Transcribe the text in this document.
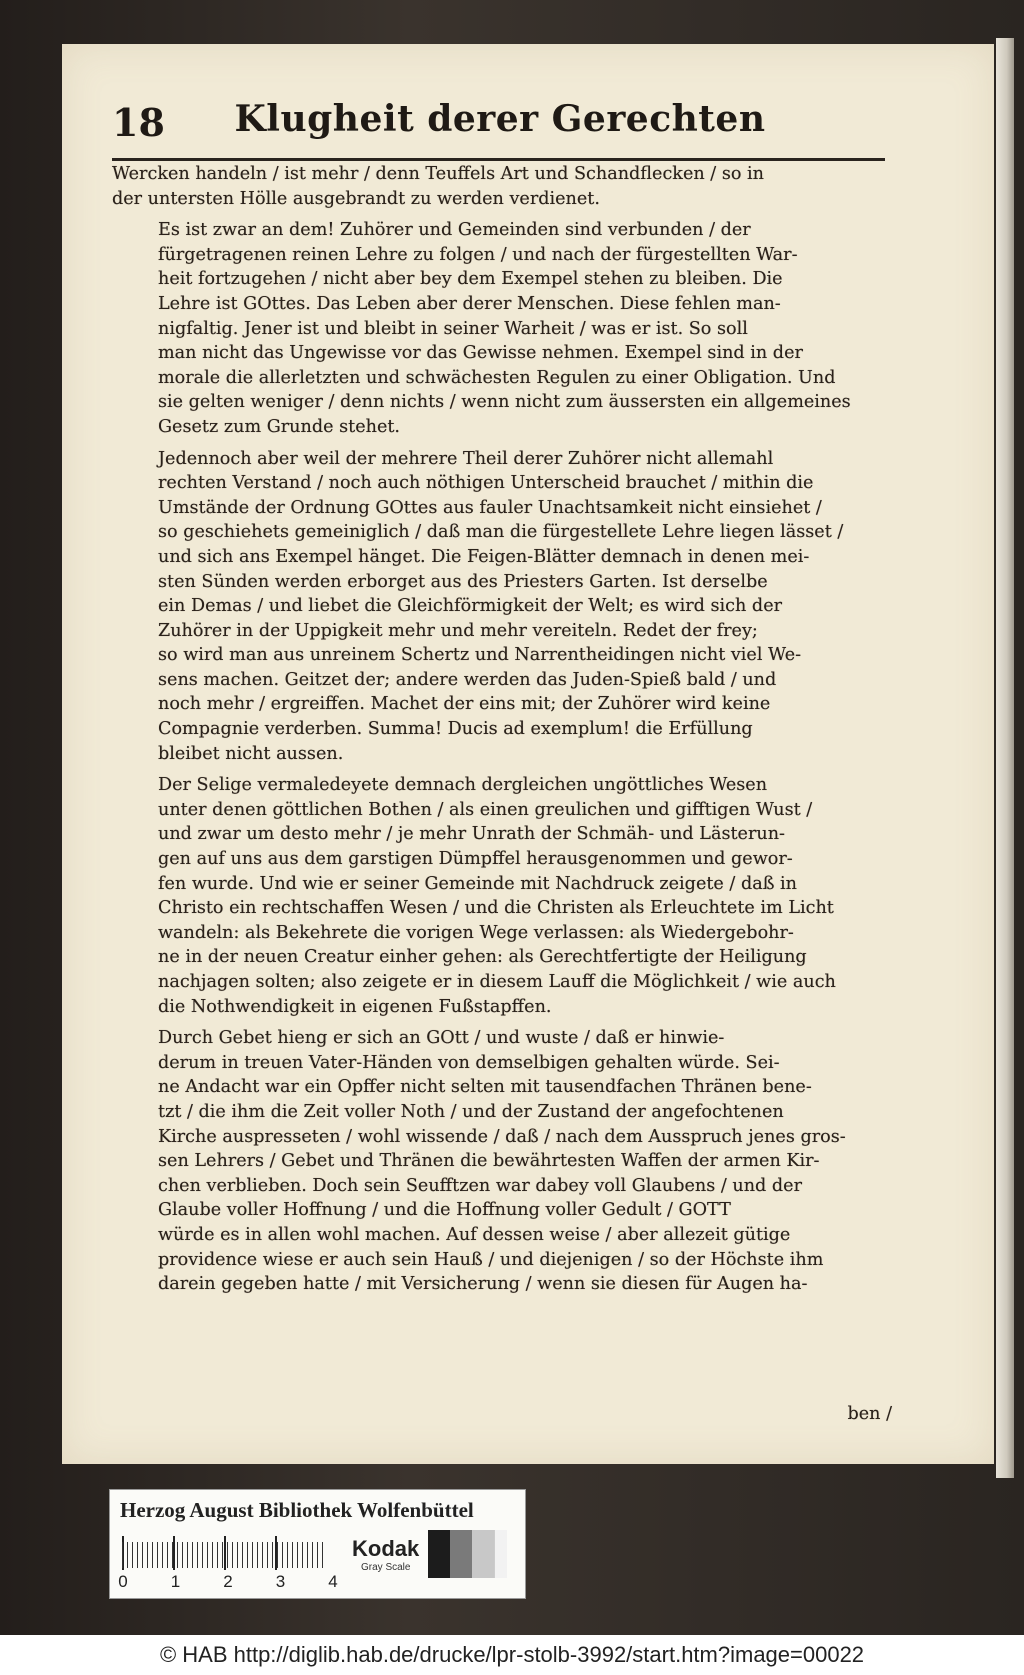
18	Klugheit derer Gerechten
Wercken handeln / ist mehr / denn Teuffels Art und Schandflecken / so in
der untersten Hölle ausgebrandt zu werden verdienet.
Es ist zwar an dem! Zuhörer und Gemeinden sind verbunden / der
fürgetragenen reinen Lehre zu folgen / und nach der fürgestellten War-
heit fortzugehen / nicht aber bey dem Exempel stehen zu bleiben. Die
Lehre ist GOttes. Das Leben aber derer Menschen. Diese fehlen man-
nigfaltig. Jener ist und bleibt in seiner Warheit / was er ist. So soll
man nicht das Ungewisse vor das Gewisse nehmen. Exempel sind in der
morale die allerletzten und schwächesten Regulen zu einer Obligation. Und
sie gelten weniger / denn nichts / wenn nicht zum äussersten ein allgemeines
Gesetz zum Grunde stehet.
Jedennoch aber weil der mehrere Theil derer Zuhörer nicht allemahl
rechten Verstand / noch auch nöthigen Unterscheid brauchet / mithin die
Umstände der Ordnung GOttes aus fauler Unachtsamkeit nicht einsiehet /
so geschiehets gemeiniglich / daß man die fürgestellete Lehre liegen lässet /
und sich ans Exempel hänget. Die Feigen-Blätter demnach in denen mei-
sten Sünden werden erborget aus des Priesters Garten. Ist derselbe
ein Demas / und liebet die Gleichförmigkeit der Welt; es wird sich der
Zuhörer in der Uppigkeit mehr und mehr vereiteln. Redet der frey;
so wird man aus unreinem Schertz und Narrentheidingen nicht viel We-
sens machen. Geitzet der; andere werden das Juden-Spieß bald / und
noch mehr / ergreiffen. Machet der eins mit; der Zuhörer wird keine
Compagnie verderben. Summa! Ducis ad exemplum! die Erfüllung
bleibet nicht aussen.
Der Selige vermaledeyete demnach dergleichen ungöttliches Wesen
unter denen göttlichen Bothen / als einen greulichen und gifftigen Wust /
und zwar um desto mehr / je mehr Unrath der Schmäh- und Lästerun-
gen auf uns aus dem garstigen Dümpffel herausgenommen und gewor-
fen wurde. Und wie er seiner Gemeinde mit Nachdruck zeigete / daß in
Christo ein rechtschaffen Wesen / und die Christen als Erleuchtete im Licht
wandeln: als Bekehrete die vorigen Wege verlassen: als Wiedergebohr-
ne in der neuen Creatur einher gehen: als Gerechtfertigte der Heiligung
nachjagen solten; also zeigete er in diesem Lauff die Möglichkeit / wie auch
die Nothwendigkeit in eigenen Fußstapffen.
Durch Gebet hieng er sich an GOtt / und wuste / daß er hinwie-
derum in treuen Vater-Händen von demselbigen gehalten würde. Sei-
ne Andacht war ein Opffer nicht selten mit tausendfachen Thränen bene-
tzt / die ihm die Zeit voller Noth / und der Zustand der angefochtenen
Kirche auspresseten / wohl wissende / daß / nach dem Ausspruch jenes gros-
sen Lehrers / Gebet und Thränen die bewährtesten Waffen der armen Kir-
chen verblieben. Doch sein Seufftzen war dabey voll Glaubens / und der
Glaube voller Hoffnung / und die Hoffnung voller Gedult / GOTT
würde es in allen wohl machen. Auf dessen weise / aber allezeit gütige
providence wiese er auch sein Hauß / und diejenigen / so der Höchste ihm
darein gegeben hatte / mit Versicherung / wenn sie diesen für Augen ha-
ben /
Herzog August Bibliothek Wolfenbüttel
0	1	2	3	4
Kodak
Gray Scale
© HAB http://diglib.hab.de/drucke/lpr-stolb-3992/start.htm?image=00022
